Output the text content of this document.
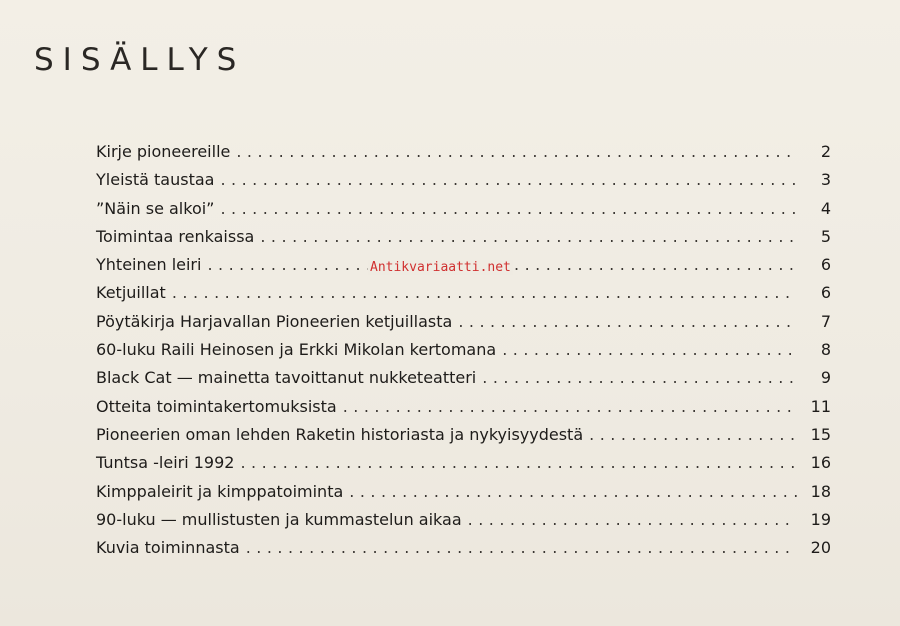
SISÄLLYS
Kirje pioneereille . . .	2
Yleistä taustaa . . .	3
”Näin se alkoi” . . .	4
Toimintaa renkaissa . . .	5
Yhteinen leiri . . .	6
Ketjuillat . . .	6
Pöytäkirja Harjavallan Pioneerien ketjuillasta . . .	7
60-luku Raili Heinosen ja Erkki Mikolan kertomana . . .	8
Black Cat — mainetta tavoittanut nukketeatteri . . .	9
Otteita toimintakertomuksista . . .	11
Pioneerien oman lehden Raketin historiasta ja nykyisyydestä . . .	15
Tuntsa -leiri 1992 . . .	16
Kimppaleirit ja kimppatoiminta . . .	18
90-luku — mullistusten ja kummastelun aikaa . . .	19
Kuvia toiminnasta . . .	20
Antikvariaatti.net
